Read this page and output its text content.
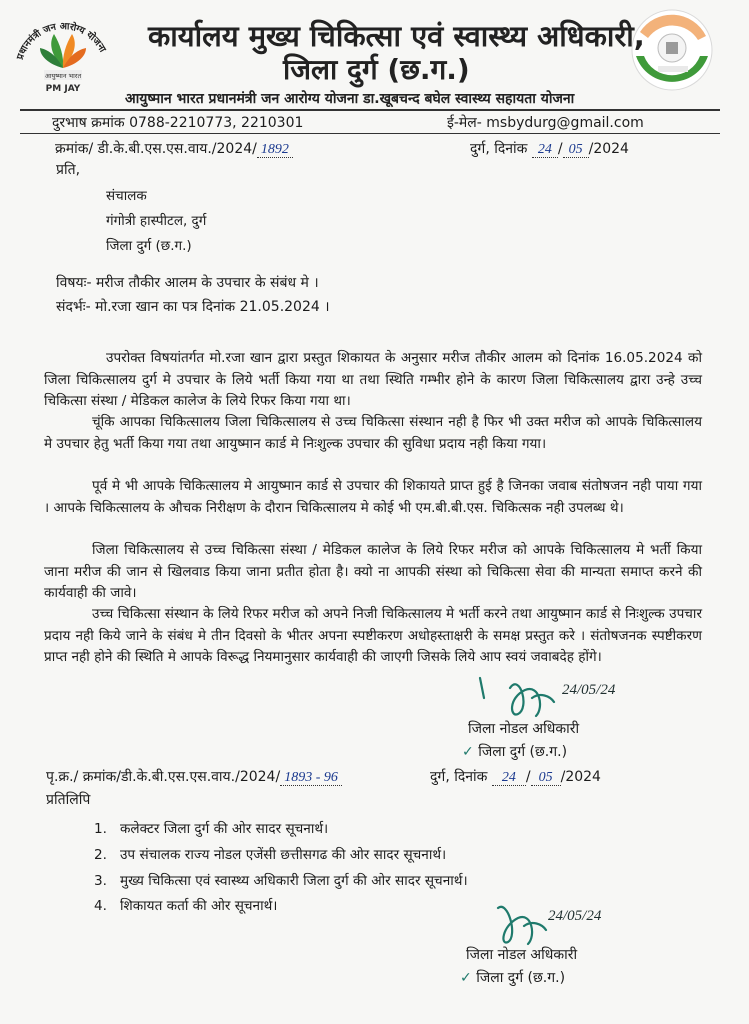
प्रधानमंत्री जन आरोग्य योजना
आयुष्मान भारत
PM JAY
कार्यालय मुख्य चिकित्सा एवं स्वास्थ्य अधिकारी,
जिला दुर्ग (छ.ग.)
आयुष्मान भारत प्रधानमंत्री जन आरोग्य योजना डा.खूबचन्द बघेल स्वास्थ्य सहायता योजना
दुरभाष क्रमांक 0788-2210773, 2210301	ई-मेल- msbydurg@gmail.com
क्रमांक/ डी.के.बी.एस.एस.वाय./2024/ 1892	दुर्ग, दिनांक 24 / 05 /2024
प्रति,
संचालक
गंगोत्री हास्पीटल, दुर्ग
जिला दुर्ग (छ.ग.)
विषयः- मरीज तौकीर आलम के उपचार के संबंध मे ।
संदर्भः- मो.रजा खान का पत्र दिनांक 21.05.2024 ।
उपरोक्त विषयांतर्गत मो.रजा खान द्वारा प्रस्तुत शिकायत के अनुसार मरीज तौकीर आलम को दिनांक 16.05.2024 को जिला चिकित्सालय दुर्ग मे उपचार के लिये भर्ती किया गया था तथा स्थिति गम्भीर होने के कारण जिला चिकित्सालय द्वारा उन्हे उच्च चिकित्सा संस्था / मेडिकल कालेज के लिये रिफर किया गया था।
चूंकि आपका चिकित्सालय जिला चिकित्सालय से उच्च चिकित्सा संस्थान नही है फिर भी उक्त मरीज को आपके चिकित्सालय मे उपचार हेतु भर्ती किया गया तथा आयुष्मान कार्ड मे निःशुल्क उपचार की सुविधा प्रदाय नही किया गया।
पूर्व मे भी आपके चिकित्सालय मे आयुष्मान कार्ड से उपचार की शिकायते प्राप्त हुई है जिनका जवाब संतोषजन नही पाया गया । आपके चिकित्सालय के औचक निरीक्षण के दौरान चिकित्सालय मे कोई भी एम.बी.बी.एस. चिकित्सक नही उपलब्ध थे।
जिला चिकित्सालय से उच्च चिकित्सा संस्था / मेडिकल कालेज के लिये रिफर मरीज को आपके चिकित्सालय मे भर्ती किया जाना मरीज की जान से खिलवाड किया जाना प्रतीत होता है। क्यो ना आपकी संस्था को चिकित्सा सेवा की मान्यता समाप्त करने की कार्यवाही की जावे।
उच्च चिकित्सा संस्थान के लिये रिफर मरीज को अपने निजी चिकित्सालय मे भर्ती करने तथा आयुष्मान कार्ड से निःशुल्क उपचार प्रदाय नही किये जाने के संबंध मे तीन दिवसो के भीतर अपना स्पष्टीकरण अधोहस्ताक्षरी के समक्ष प्रस्तुत करे । संतोषजनक स्पष्टीकरण प्राप्त नही होने की स्थिति मे आपके विरूद्ध नियमानुसार कार्यवाही की जाएगी जिसके लिये आप स्वयं जवाबदेह होंगे।
24/05/24
जिला नोडल अधिकारी
✓ जिला दुर्ग (छ.ग.)
पृ.क्र./ क्रमांक/डी.के.बी.एस.एस.वाय./2024/ 1893 - 96	दुर्ग, दिनांक 24 / 05 /2024
प्रतिलिपि
1. कलेक्टर जिला दुर्ग की ओर सादर सूचनार्थ।
2. उप संचालक राज्य नोडल एजेंसी छत्तीसगढ की ओर सादर सूचनार्थ।
3. मुख्य चिकित्सा एवं स्वास्थ्य अधिकारी जिला दुर्ग की ओर सादर सूचनार्थ।
4. शिकायत कर्ता की ओर सूचनार्थ।
24/05/24
जिला नोडल अधिकारी
✓ जिला दुर्ग (छ.ग.)
